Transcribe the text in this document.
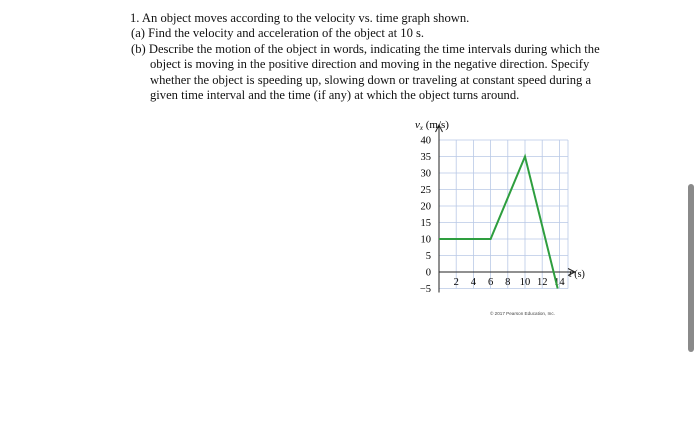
1. An object moves according to the velocity vs. time graph shown.

(a) Find the velocity and acceleration of the object at 10 s.

(b) Describe the motion of the object in words, indicating the time intervals during which the object is moving in the positive direction and moving in the negative direction. Specify whether the object is speeding up, slowing down or traveling at constant speed during a given time interval and the time (if any) at which the object turns around.

40
35
30
25
20
15
10
5
0
−5
2 4 6 8 10 12 14
vx (m/s)
t (s)
© 2017 Pearson Education, Inc.
